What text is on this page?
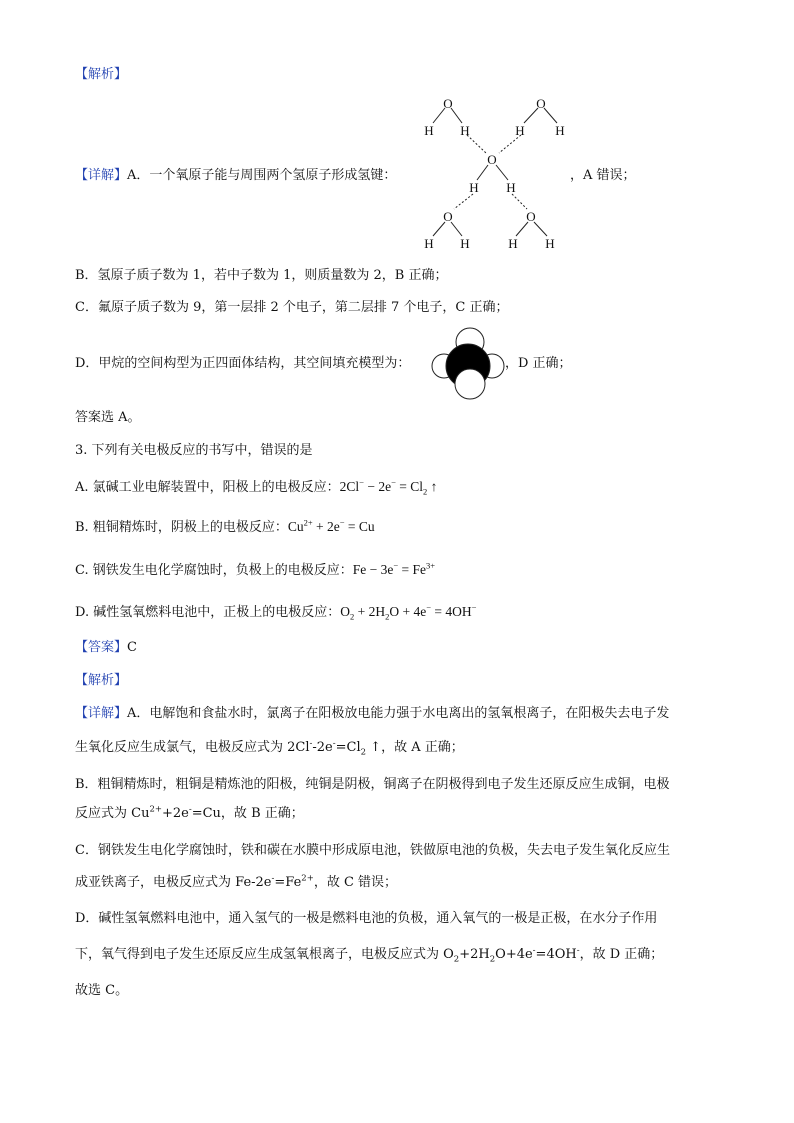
【解析】
O
H H
O
H H
O
H H
O
H H
O
H H
【详解】A．一个氧原子能与周围两个氢原子形成氢键：	，A 错误；
B．氢原子质子数为 1，若中子数为 1，则质量数为 2，B 正确；
C．氟原子质子数为 9，第一层排 2 个电子，第二层排 7 个电子，C 正确；
D．甲烷的空间构型为正四面体结构，其空间填充模型为：	，D 正确；
答案选 A。
3. 下列有关电极反应的书写中，错误的是
A. 氯碱工业电解装置中，阳极上的电极反应：$2Cl^- - 2e^- = Cl_2$ ↑
B. 粗铜精炼时，阴极上的电极反应：$Cu^{2+} + 2e^- = Cu$
C. 钢铁发生电化学腐蚀时，负极上的电极反应：$Fe - 3e^- = Fe^{3+}$
D. 碱性氢氧燃料电池中，正极上的电极反应：$O_2 + 2H_2O + 4e^- = 4OH^-$
【答案】C
【解析】
【详解】A．电解饱和食盐水时，氯离子在阳极放电能力强于水电离出的氢氧根离子，在阳极失去电子发
生氧化反应生成氯气，电极反应式为 $2Cl^--2e^-=Cl_2$ ↑，故 A 正确；
B．粗铜精炼时，粗铜是精炼池的阳极，纯铜是阴极，铜离子在阴极得到电子发生还原反应生成铜，电极
反应式为 $Cu^{2+}+2e^-=Cu$，故 B 正确；
C．钢铁发生电化学腐蚀时，铁和碳在水膜中形成原电池，铁做原电池的负极，失去电子发生氧化反应生
成亚铁离子，电极反应式为 $Fe-2e^-=Fe^{2+}$，故 C 错误；
D．碱性氢氧燃料电池中，通入氢气的一极是燃料电池的负极，通入氧气的一极是正极，在水分子作用
下，氧气得到电子发生还原反应生成氢氧根离子，电极反应式为 $O_2+2H_2O+4e^-=4OH^-$，故 D 正确；
故选 C。
